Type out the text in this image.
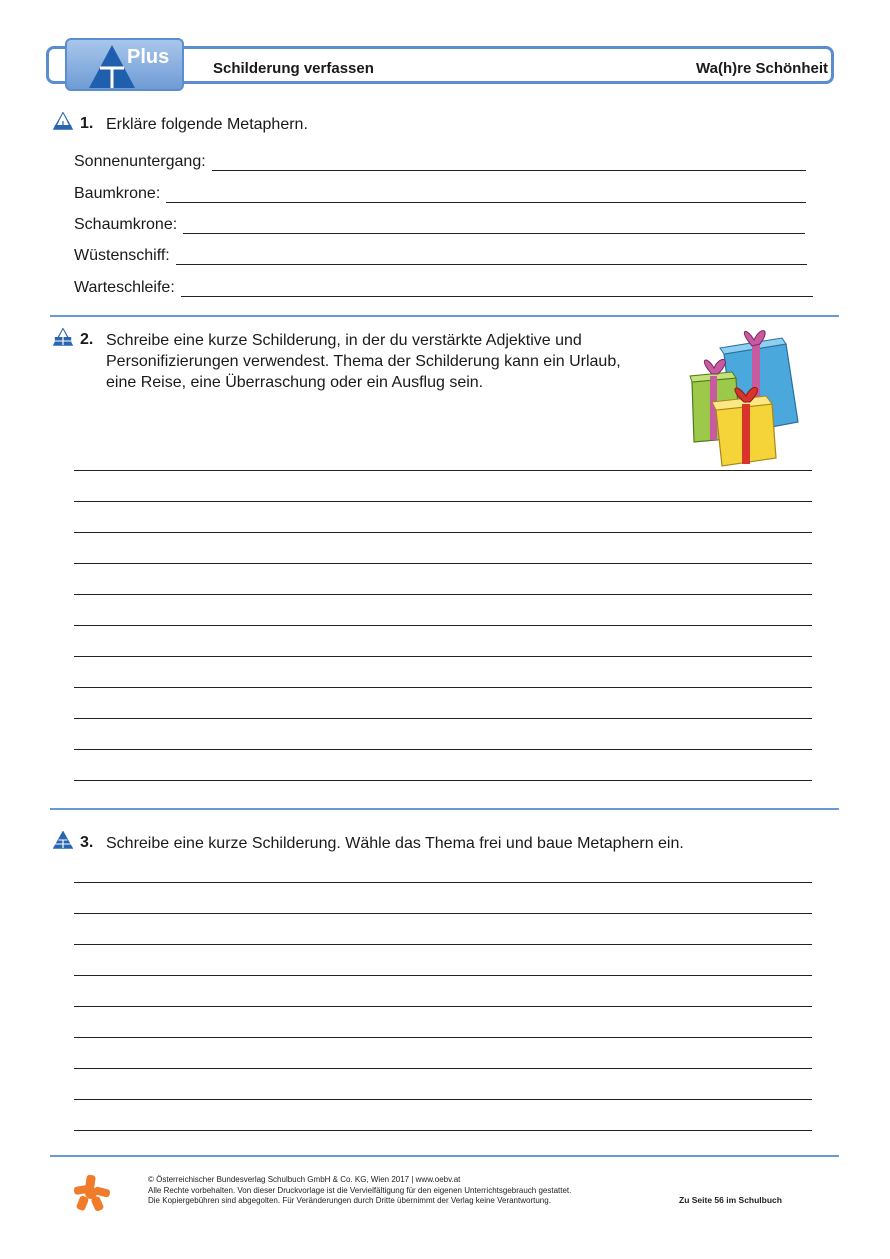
Plus
Schilderung verfassen	Wa(h)re Schönheit
1. Erkläre folgende Metaphern.
Sonnenuntergang:
Baumkrone:
Schaumkrone:
Wüstenschiff:
Warteschleife:
2. Schreibe eine kurze Schilderung, in der du verstärkte Adjektive und
Personifizierungen verwendest. Thema der Schilderung kann ein Urlaub,
eine Reise, eine Überraschung oder ein Ausflug sein.
3. Schreibe eine kurze Schilderung. Wähle das Thema frei und baue Metaphern ein.
© Österreichischer Bundesverlag Schulbuch GmbH & Co. KG, Wien 2017 | www.oebv.at
Alle Rechte vorbehalten. Von dieser Druckvorlage ist die Vervielfältigung für den eigenen Unterrichtsgebrauch gestattet.
Die Kopiergebühren sind abgegolten. Für Veränderungen durch Dritte übernimmt der Verlag keine Verantwortung.	Zu Seite 56 im Schulbuch
